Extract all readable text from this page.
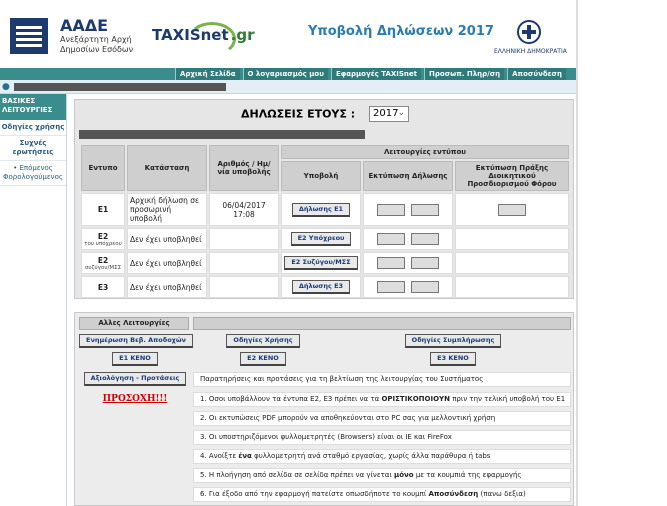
ΑΑΔΕ
Ανεξάρτητη Αρχή
Δημοσίων Εσόδων
TAXISnet .gr	Υποβολή Δηλώσεων 2017
ΕΛΛΗΝΙΚΗ ΔΗΜΟΚΡΑΤΙΑ
Αρχική Σελίδα	Ο λογαριασμός μου	Εφαρμογές TAXISnet	Προσωπ. Πληρ/ση	Αποσύνδεση
●
ΒΑΣΙΚΕΣ ΛΕΙΤΟΥΡΓΙΕΣ
Οδηγίες χρήσης
Συχνές ερωτήσεις
• Επόμενος Φορολογούμενος
ΔΗΛΩΣΕΙΣ ΕΤΟΥΣ : 2017 ⌄
Εντυπο	Κατάσταση	Αριθμός / Ημ/νία υποβολής	Λειτουργίες εντύπου		
			Υποβολή	Εκτύπωση Δήλωσης	Εκτύπωση Πράξης Διοικητικού Προσδιορισμού Φόρου
E1	Αρχική δήλωση σε προσωρινή υποβολή	06/04/2017 17:08	Δήλωσης E1		
E2
του υπόχρεου	Δεν έχει υποβληθεί		E2 Υπόχρεου		
E2
συζύγου/ΜΣΣ	Δεν έχει υποβληθεί		E2 Συζύγου/ΜΣΣ		
E3	Δεν έχει υποβληθεί		Δήλωσης E3		
Αλλες Λειτουργίες
Ενημέρωση Βεβ. Αποδοχών	Οδηγίες Χρήσης	Οδηγίες Συμπλήρωσης
E1 ΚΕΝΟ	E2 ΚΕΝΟ	E3 ΚΕΝΟ
Αξιολόγηση - Προτάσεις	Παρατηρήσεις και προτάσεις για τη βελτίωση της λειτουργίας του Συστήματος
ΠΡΟΣΟΧΗ!!!	1. Οσοι υποβάλλουν τα έντυπα E2, E3 πρέπει να τα ΟΡΙΣΤΙΚΟΠΟΙΟΥΝ πριν την τελική υποβολή του E1
2. Οι εκτυπώσεις PDF μπορούν να αποθηκεύονται στο PC σας για μελλοντική χρήση
3. Οι υποστηριζόμενοι φυλλομετρητές (Browsers) είναι οι IE και FireFox
4. Ανοίξτε ένα φυλλομετρητή ανά σταθμό εργασίας, χωρίς άλλα παράθυρα ή tabs
5. Η πλοήγηση από σελίδα σε σελίδα πρέπει να γίνεται μόνο με τα κουμπιά της εφαρμογής
6. Για έξοδο από την εφαρμογή πατείστε οπωσδήποτε το κουμπί Αποσύνδεση (πανω δεξια)
